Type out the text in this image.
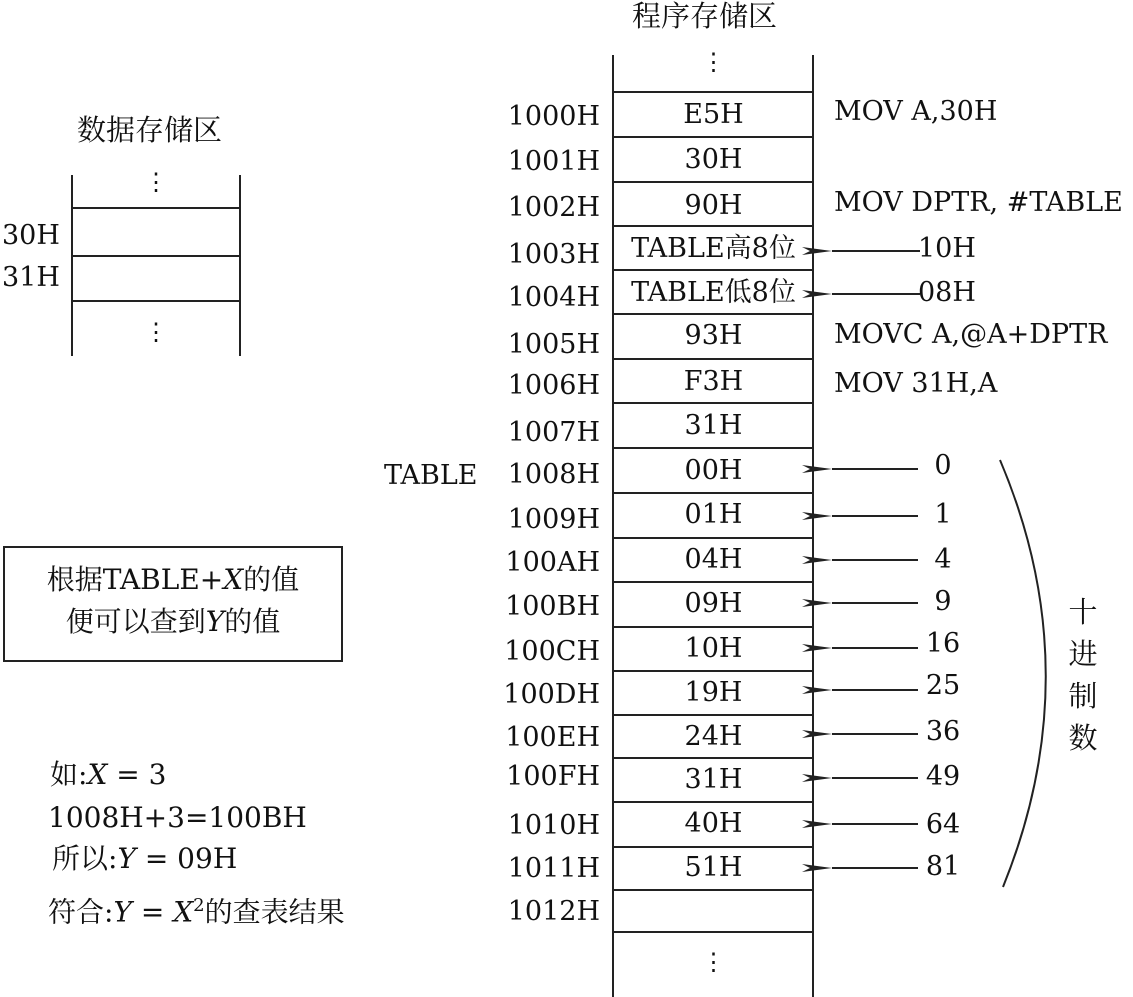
程序存储区
⋮
⋮
E5H
30H
90H
TABLE高8位
TABLE低8位
93H
F3H
31H
00H
01H
04H
09H
10H
19H
24H
31H
40H
51H
1000H
1001H
1002H
1003H
1004H
1005H
1006H
1007H
1008H
1009H
100AH
100BH
100CH
100DH
100EH
100FH
1010H
1011H
1012H
TABLE
MOV A,30H
MOV DPTR, #TABLE
MOVC A,@A+DPTR
MOV 31H,A
10H
08H
0
1
4
9
16
25
36
49
64
81
十
进
制
数
数据存储区
⋮
⋮
30H
31H
根据TABLE+X的值
便可以查到Y的值
如:X = 3
1008H+3=100BH
所以:Y = 09H
符合:Y = $X^2$的查表结果
